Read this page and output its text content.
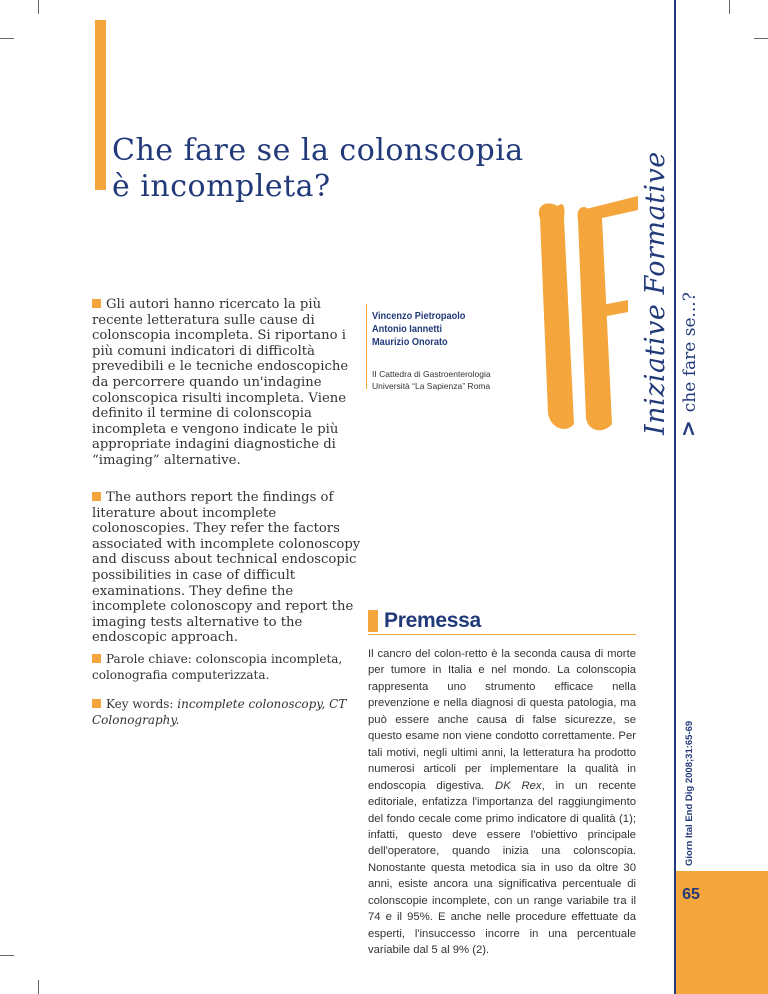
Che fare se la colonscopia
è incompleta?	Iniziative Formative >che fare se...?

Gli autori hanno ricercato la più recente letteratura sulle cause di colonscopia incompleta. Si riportano i più comuni indicatori di difficoltà prevedibili e le tecniche endoscopiche da percorrere quando un'indagine colonscopica risulti incompleta. Viene definito il termine di colonscopia incompleta e vengono indicate le più appropriate indagini diagnostiche di “imaging” alternative.

The authors report the findings of literature about incomplete colonoscopies. They refer the factors associated with incomplete colonoscopy and discuss about technical endoscopic possibilities in case of difficult examinations. They define the incomplete colonoscopy and report the imaging tests alternative to the endoscopic approach.

Parole chiave: colonscopia incompleta, colonografia computerizzata.

Key words: incomplete colonoscopy, CT Colonography.

Vincenzo Pietropaolo
Antonio Iannetti
Maurizio Onorato
II Cattedra di Gastroenterologia
Università “La Sapienza” Roma
Premessa

Il cancro del colon-retto è la seconda causa di morte per tumore in Italia e nel mondo. La colonscopia rappresenta uno strumento efficace nella prevenzione e nella diagnosi di questa patologia, ma può essere anche causa di false sicurezze, se questo esame non viene condotto correttamente. Per tali motivi, negli ultimi anni, la letteratura ha prodotto numerosi articoli per implementare la qualità in endoscopia digestiva. DK Rex, in un recente editoriale, enfatizza l'importanza del raggiungimento del fondo cecale come primo indicatore di qualità (1); infatti, questo deve essere l'obiettivo principale dell'operatore, quando inizia una colonscopia. Nonostante questa metodica sia in uso da oltre 30 anni, esiste ancora una significativa percentuale di colonscopie incomplete, con un range variabile tra il 74 e il 95%. E anche nelle procedure effettuate da esperti, l'insuccesso incorre in una percentuale variabile dal 5 al 9% (2).

65
Giorn Ital End Dig 2008;31:65-69
